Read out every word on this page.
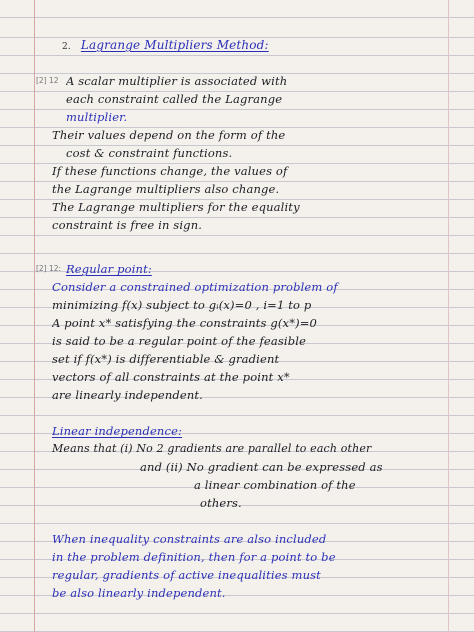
2. Lagrange Multipliers Method:
[2] 12 A scalar multiplier is associated with
each constraint called the Lagrange
multiplier.
Their values depend on the form of the
cost & constraint functions.
If these functions change, the values of
the Lagrange multipliers also change.
The Lagrange multipliers for the equality
constraint is free in sign.
[2] 12: Regular point:
Consider a constrained optimization problem of
minimizing f(x) subject to gᵢ(x)=0 , i=1 to p
A point x* satisfying the constraints g(x*)=0
is said to be a regular point of the feasible
set if f(x*) is differentiable & gradient
vectors of all constraints at the point x*
are linearly independent.
Linear independence:
Means that (i) No 2 gradients are parallel to each other
and (ii) No gradient can be expressed as
a linear combination of the
others.
When inequality constraints are also included
in the problem definition, then for a point to be
regular, gradients of active inequalities must
be also linearly independent.
